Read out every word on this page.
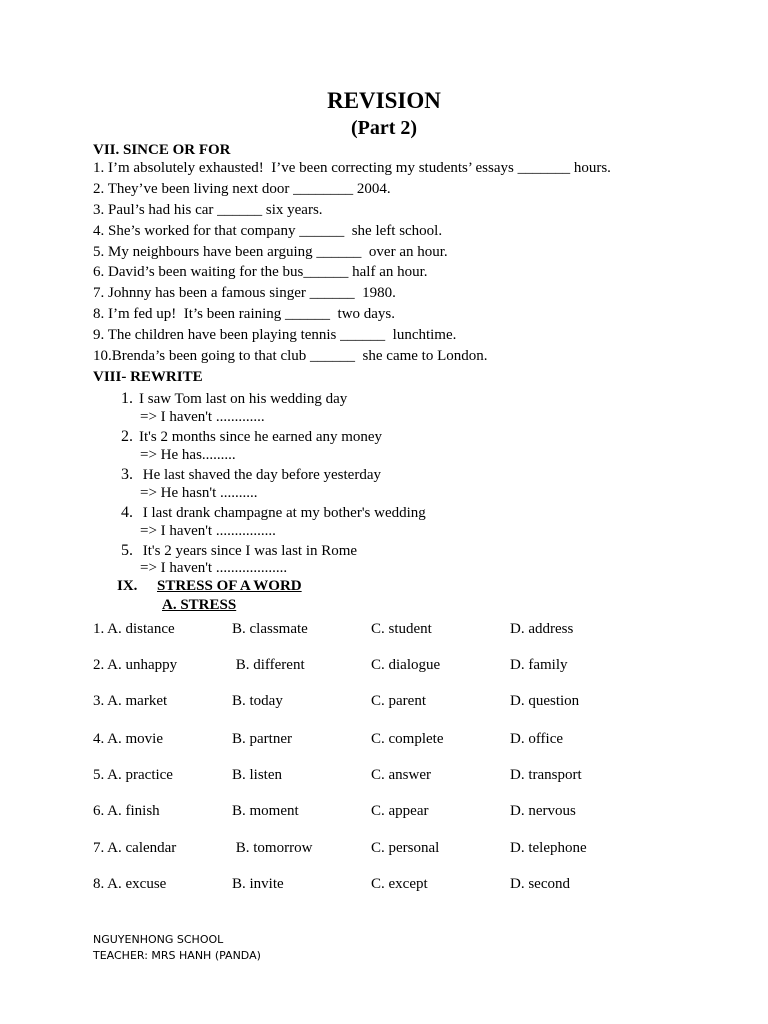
REVISION
(Part 2)
VII. SINCE OR FOR
1. I’m absolutely exhausted!  I’ve been correcting my students’ essays _______ hours.
2. They’ve been living next door ________ 2004.
3. Paul’s had his car ______ six years.
4. She’s worked for that company ______  she left school.
5. My neighbours have been arguing ______  over an hour.
6. David’s been waiting for the bus______ half an hour.
7. Johnny has been a famous singer ______  1980.
8. I’m fed up!  It’s been raining ______  two days.
9. The children have been playing tennis ______  lunchtime.
10.Brenda’s been going to that club ______  she came to London.
VIII- REWRITE
1. I saw Tom last on his wedding day
=> I haven't .............
2. It's 2 months since he earned any money
=> He has.........
3. He last shaved the day before yesterday
=> He hasn't ..........
4. I last drank champagne at my bother's wedding
=> I haven't ................
5. It's 2 years since I was last in Rome
=> I haven't ...................
IX. STRESS OF A WORD
A. STRESS
1. A. distance	B. classmate	C. student	D. address
2. A. unhappy	B. different	C. dialogue	D. family
3. A. market	B. today	C. parent	D. question
4. A. movie	B. partner	C. complete	D. office
5. A. practice	B. listen	C. answer	D. transport
6. A. finish	B. moment	C. appear	D. nervous
7. A. calendar	B. tomorrow	C. personal	D. telephone
8. A. excuse	B. invite	C. except	D. second
NGUYENHONG SCHOOL
TEACHER: MRS HANH (PANDA)
